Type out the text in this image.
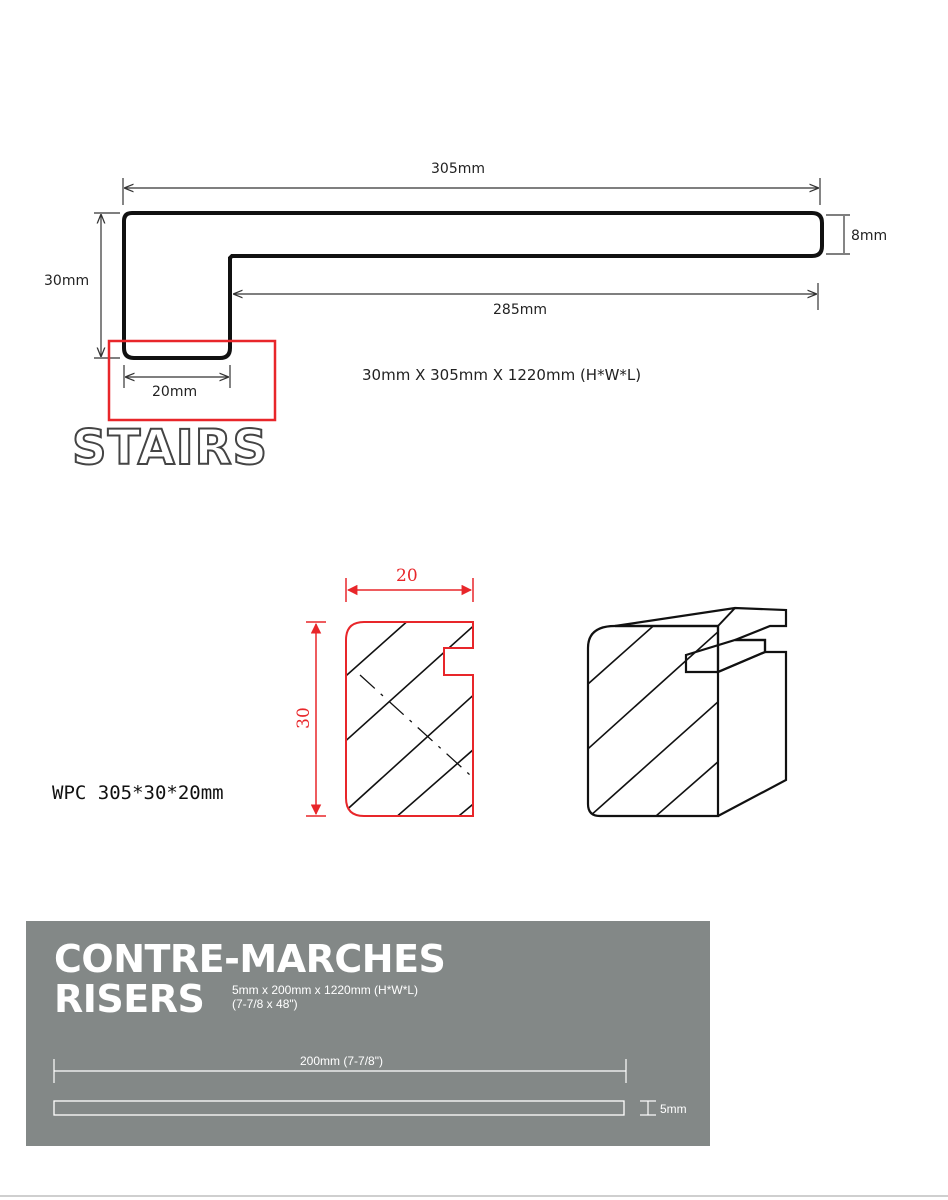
305mm
30mm
8mm
285mm
20mm
30mm X 305mm X 1220mm (H*W*L)
STAIRS
20
30
WPC 305*30*20mm
CONTRE-MARCHES
RISERS 5mm x 200mm x 1220mm (H*W*L)
(7-7/8 x 48")
200mm (7-7/8")
5mm
